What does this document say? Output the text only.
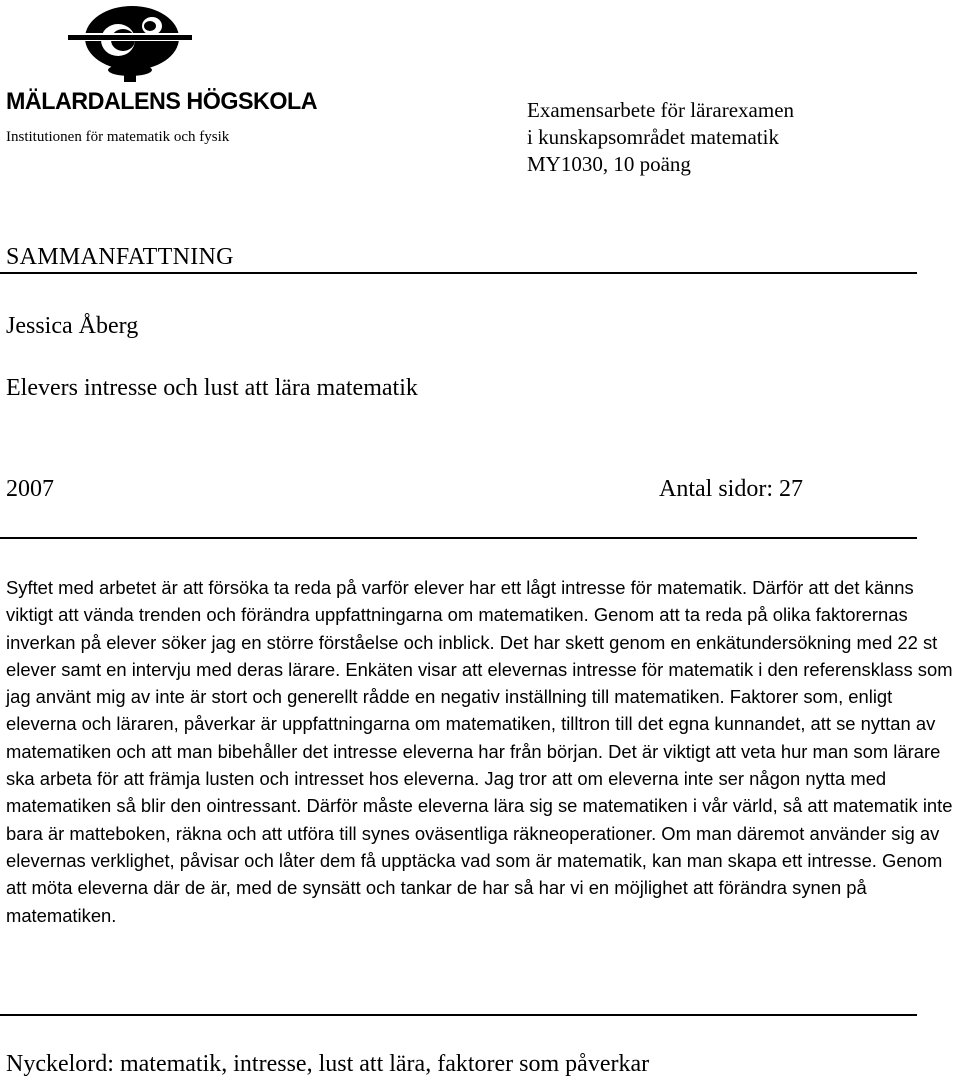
MÄLARDALENS HÖGSKOLA
Institutionen för matematik och fysik
Examensarbete för lärarexamen
i kunskapsområdet matematik
MY1030, 10 poäng
SAMMANFATTNING
Jessica Åberg
Elevers intresse och lust att lära matematik
2007	Antal sidor: 27
Syftet med arbetet är att försöka ta reda på varför elever har ett lågt intresse för matematik. Därför att det känns viktigt att vända trenden och förändra uppfattningarna om matematiken. Genom att ta reda på olika faktorernas inverkan på elever söker jag en större förståelse och inblick. Det har skett genom en enkätundersökning med 22 st elever samt en intervju med deras lärare. Enkäten visar att elevernas intresse för matematik i den referensklass som jag använt mig av inte är stort och generellt rådde en negativ inställning till matematiken. Faktorer som, enligt eleverna och läraren, påverkar är uppfattningarna om matematiken, tilltron till det egna kunnandet, att se nyttan av matematiken och att man bibehåller det intresse eleverna har från början. Det är viktigt att veta hur man som lärare ska arbeta för att främja lusten och intresset hos eleverna. Jag tror att om eleverna inte ser någon nytta med matematiken så blir den ointressant. Därför måste eleverna lära sig se matematiken i vår värld, så att matematik inte bara är matteboken, räkna och att utföra till synes oväsentliga räkneoperationer. Om man däremot använder sig av elevernas verklighet, påvisar och låter dem få upptäcka vad som är matematik, kan man skapa ett intresse. Genom att möta eleverna där de är, med de synsätt och tankar de har så har vi en möjlighet att förändra synen på matematiken.
Nyckelord: matematik, intresse, lust att lära, faktorer som påverkar
